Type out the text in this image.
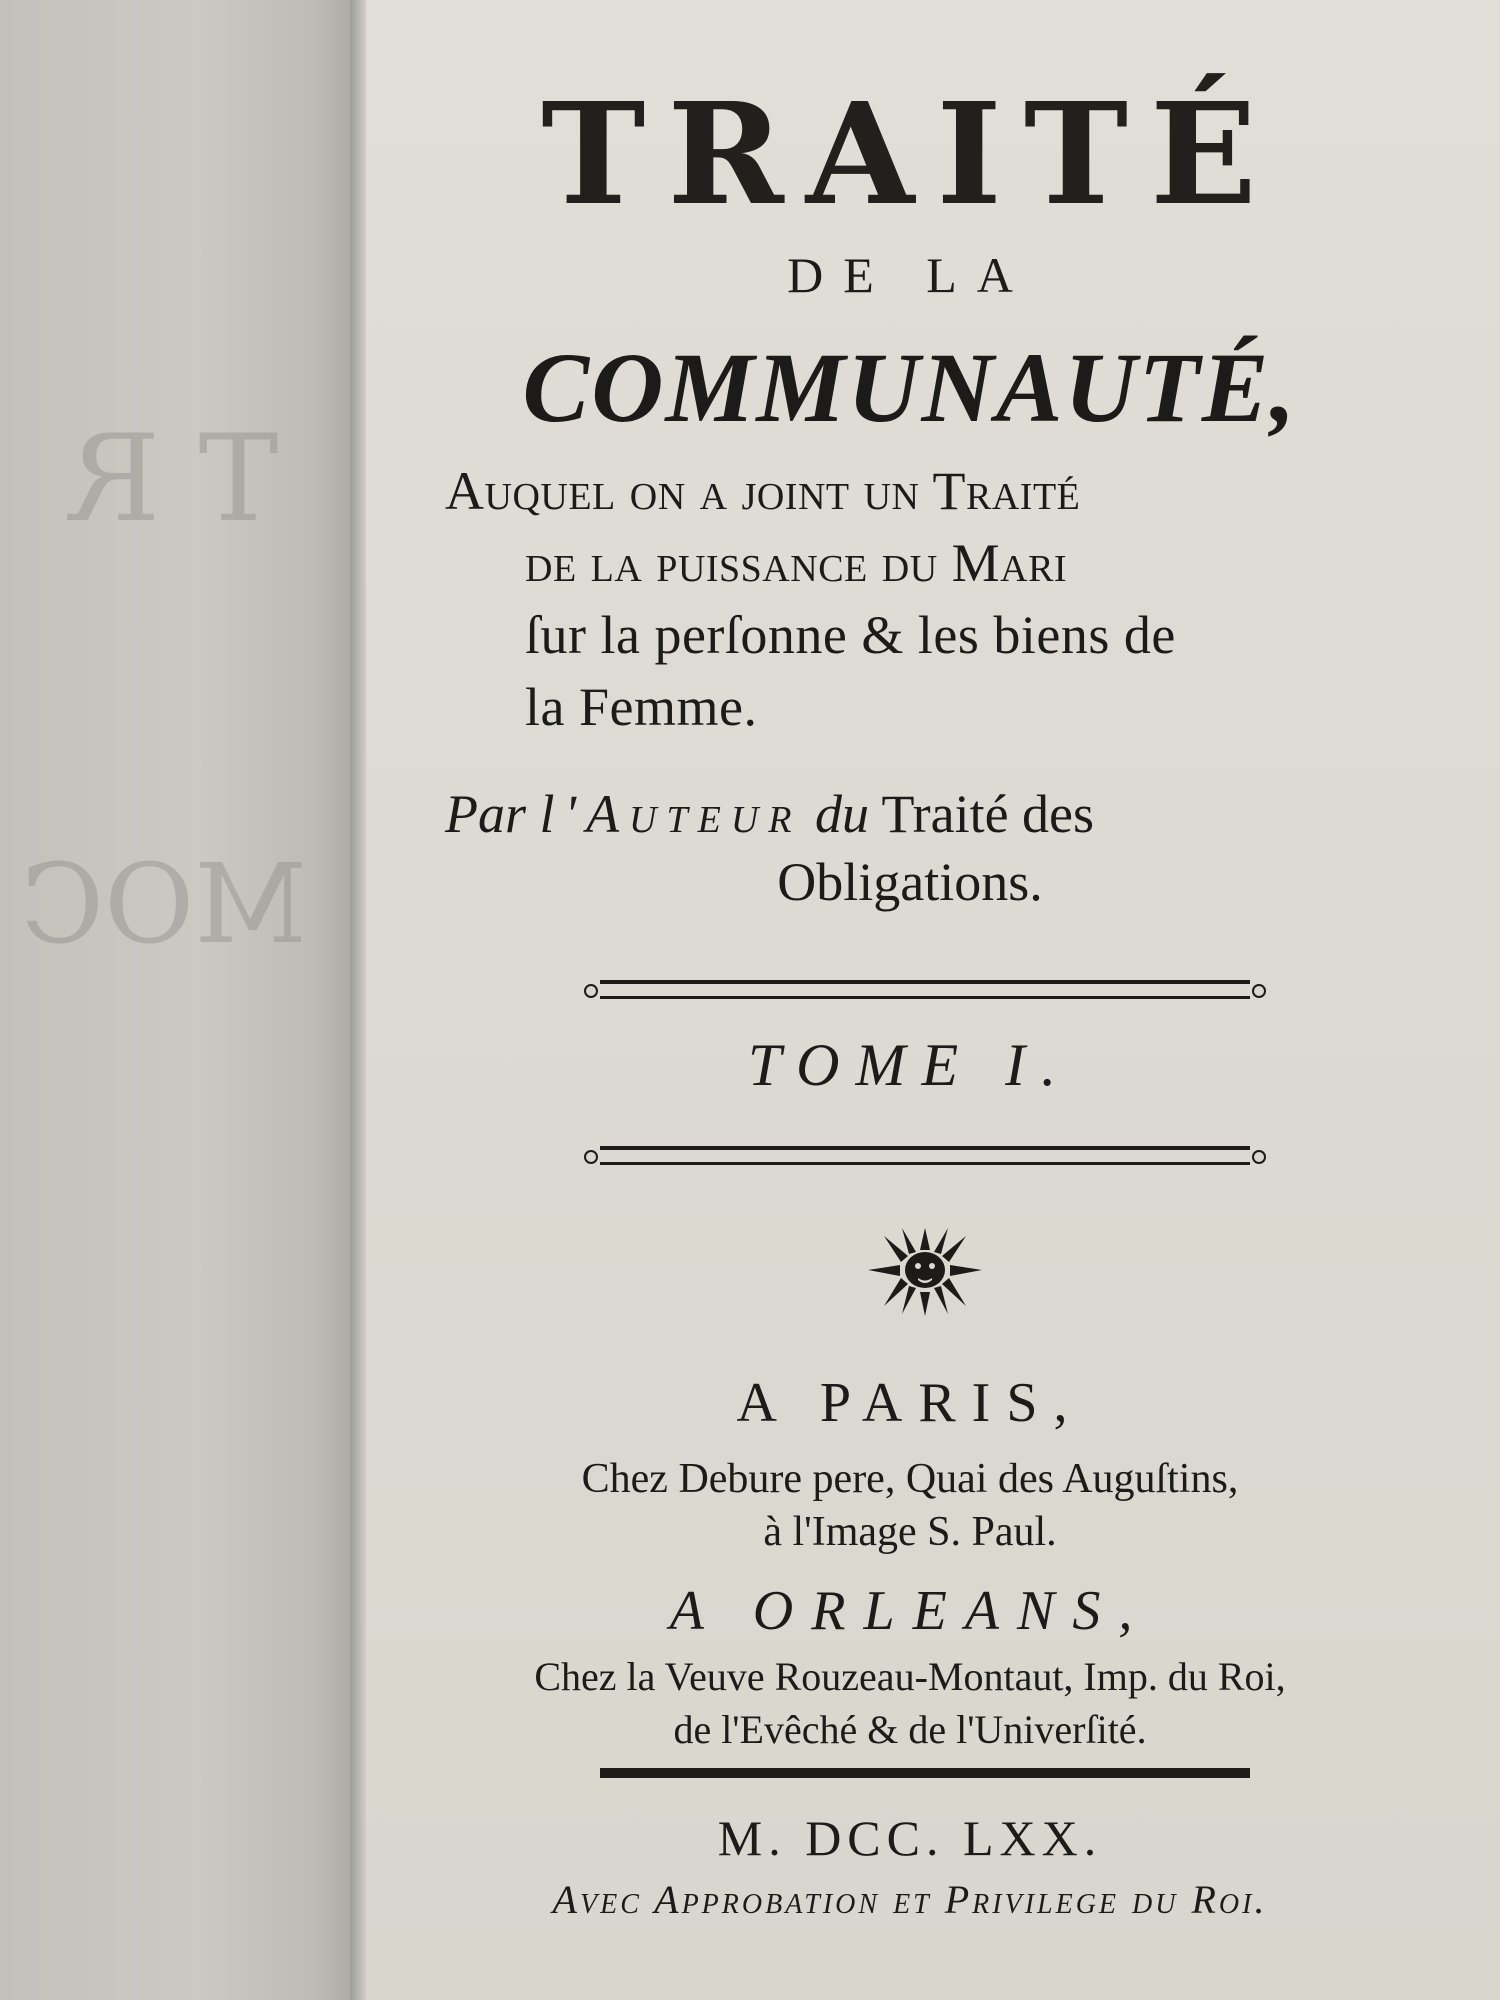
T R
MOC
TRAITÉ
DE LA
COMMUNAUTÉ,
Auquel on a joint un Traité
de la puissance du Mari
ſur la perſonne & les biens de
la Femme.
Par l'Auteur du Traité des
Obligations.
TOME I.
A PARIS,
Chez Debure pere, Quai des Auguſtins,
à l'Image S. Paul.
A ORLEANS,
Chez la Veuve Rouzeau-Montaut, Imp. du Roi,
de l'Evêché & de l'Univerſité.
M. DCC. LXX.
Avec Approbation et Privilege du Roi.
